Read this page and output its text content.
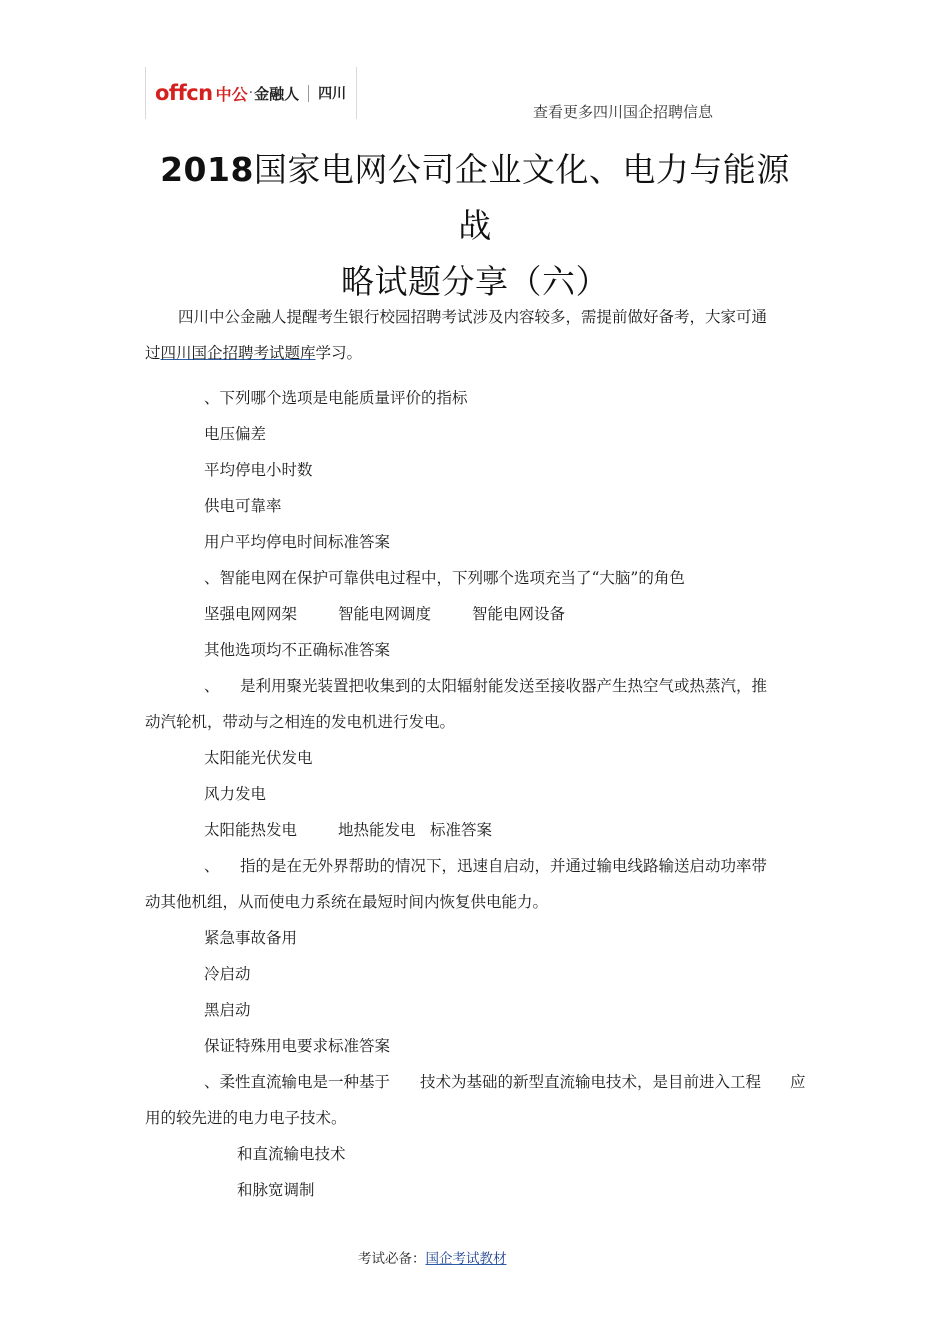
offcn 中公 · 金融人 四川
查看更多四川国企招聘信息
2018国家电网公司企业文化、电力与能源战
略试题分享（六）
四川中公金融人提醒考生银行校园招聘考试涉及内容较多，需提前做好备考，大家可通
过四川国企招聘考试题库学习。
、下列哪个选项是电能质量评价的指标
电压偏差
平均停电小时数
供电可靠率
用户平均停电时间标准答案
、智能电网在保护可靠供电过程中，下列哪个选项充当了“大脑”的角色
坚强电网网架	智能电网调度	智能电网设备
其他选项均不正确标准答案
、 是利用聚光装置把收集到的太阳辐射能发送至接收器产生热空气或热蒸汽，推
动汽轮机，带动与之相连的发电机进行发电。
太阳能光伏发电
风力发电
太阳能热发电	地热能发电 标准答案
、 指的是在无外界帮助的情况下，迅速自启动，并通过输电线路输送启动功率带
动其他机组，从而使电力系统在最短时间内恢复供电能力。
紧急事故备用
冷启动
黑启动
保证特殊用电要求标准答案
、柔性直流输电是一种基于 技术为基础的新型直流输电技术，是目前进入工程 应
用的较先进的电力电子技术。
和直流输电技术
和脉宽调制
考试必备：国企考试教材
